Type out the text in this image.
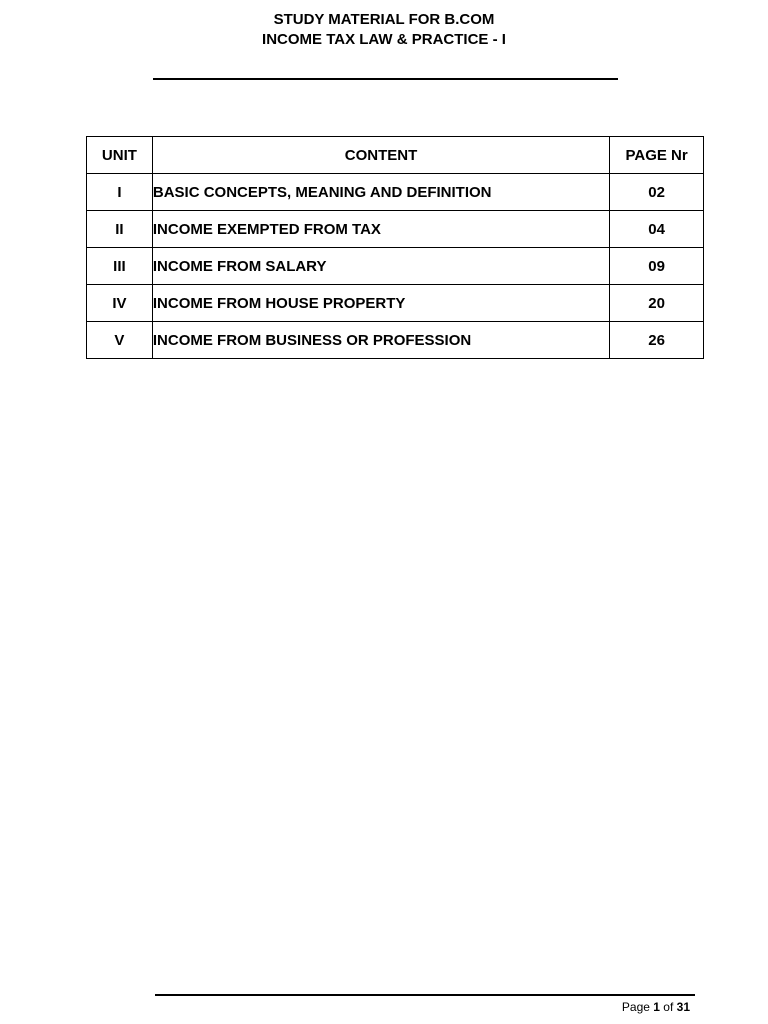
STUDY MATERIAL FOR B.COM
INCOME TAX LAW & PRACTICE - I
UNIT	CONTENT	PAGE Nr
I	BASIC CONCEPTS, MEANING AND DEFINITION	02
II	INCOME EXEMPTED FROM TAX	04
III	INCOME FROM SALARY	09
IV	INCOME FROM HOUSE PROPERTY	20
V	INCOME FROM BUSINESS OR PROFESSION	26
Page 1 of 31
